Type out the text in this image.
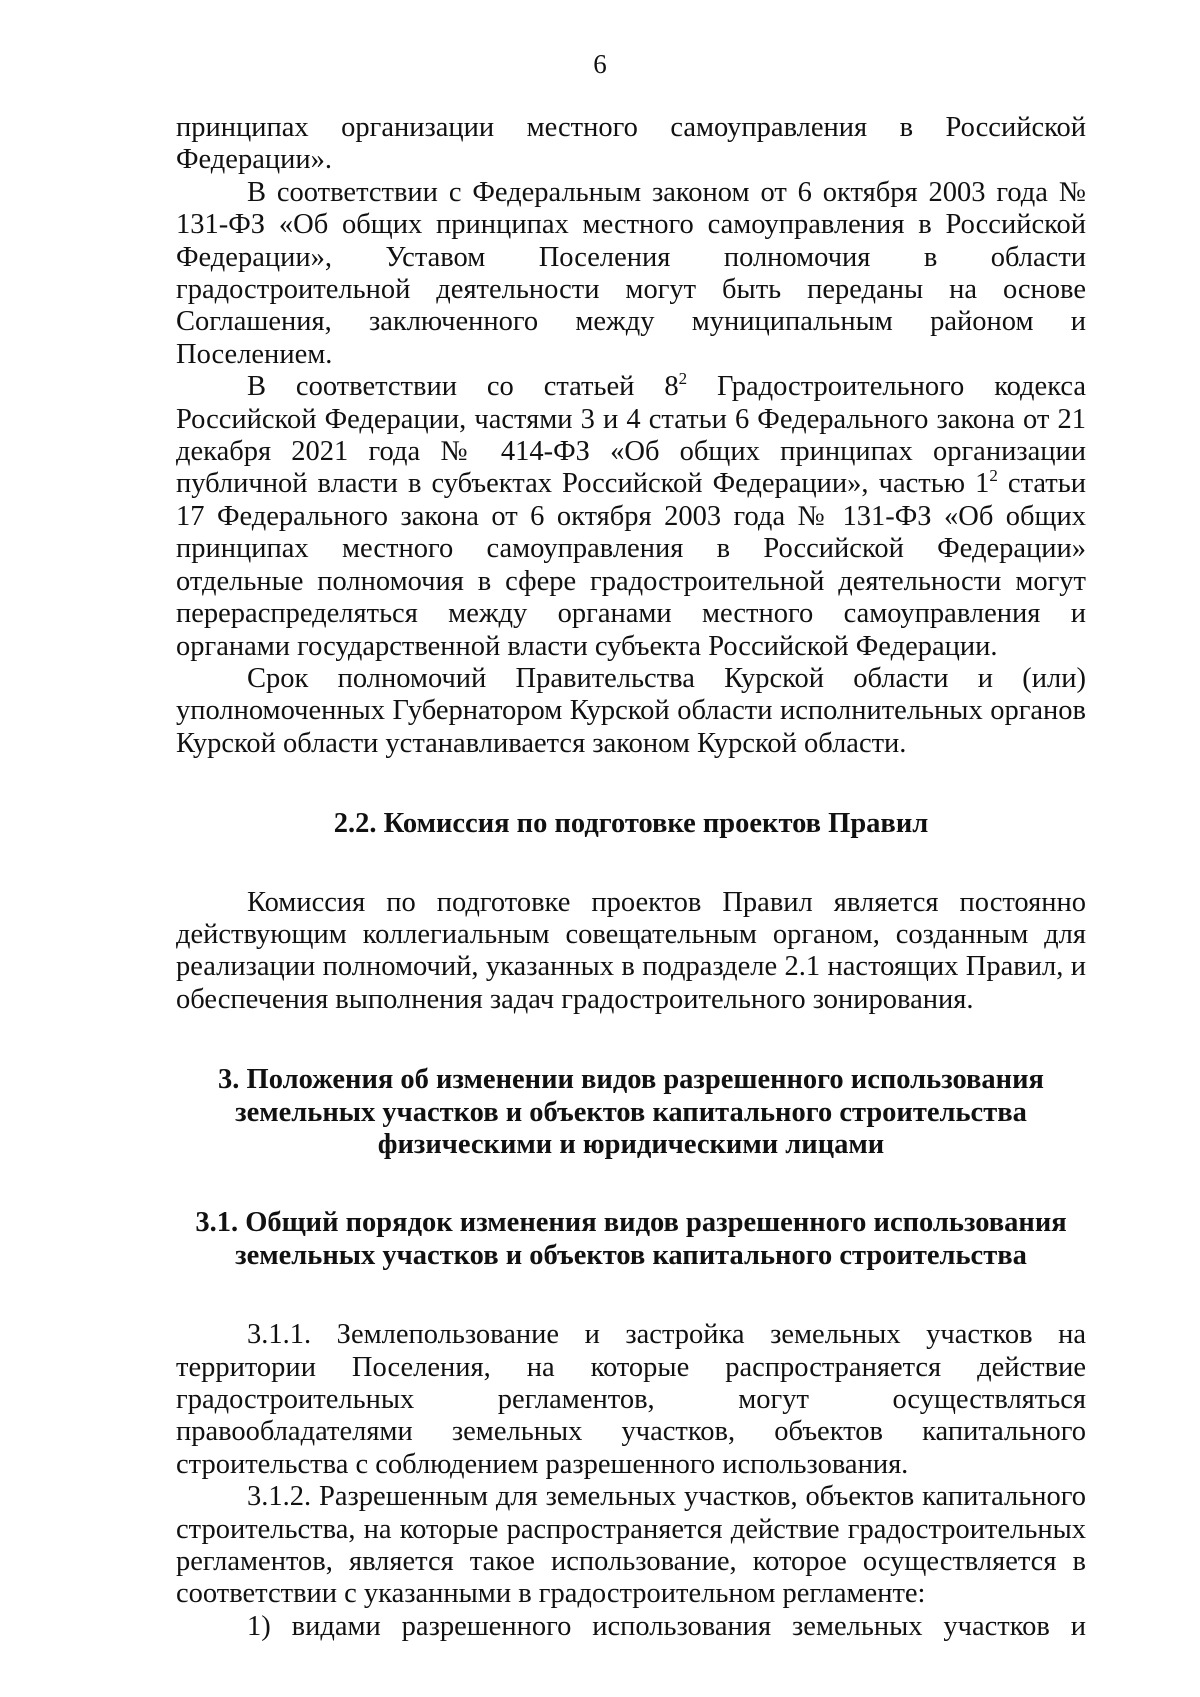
6

принципах организации местного самоуправления в Российской Федерации».

В соответствии с Федеральным законом от 6 октября 2003 года № 131-ФЗ «Об общих принципах местного самоуправления в Российской Федерации», Уставом Поселения полномочия в области градостроительной деятельности могут быть переданы на основе Соглашения, заключенного между муниципальным районом и Поселением.

В соответствии со статьей $8^2$ Градостроительного кодекса Российской Федерации, частями 3 и 4 статьи 6 Федерального закона от 21 декабря 2021 года № 414-ФЗ «Об общих принципах организации публичной власти в субъектах Российской Федерации», частью $1^2$ статьи 17 Федерального закона от 6 октября 2003 года № 131-ФЗ «Об общих принципах местного самоуправления в Российской Федерации» отдельные полномочия в сфере градостроительной деятельности могут перераспределяться между органами местного самоуправления и органами государственной власти субъекта Российской Федерации.

Срок полномочий Правительства Курской области и (или) уполномоченных Губернатором Курской области исполнительных органов Курской области устанавливается законом Курской области.

2.2. Комиссия по подготовке проектов Правил

Комиссия по подготовке проектов Правил является постоянно действующим коллегиальным совещательным органом, созданным для реализации полномочий, указанных в подразделе 2.1 настоящих Правил, и обеспечения выполнения задач градостроительного зонирования.

3. Положения об изменении видов разрешенного использования
земельных участков и объектов капитального строительства
физическими и юридическими лицами
3.1. Общий порядок изменения видов разрешенного использования
земельных участков и объектов капитального строительства

3.1.1. Землепользование и застройка земельных участков на территории Поселения, на которые распространяется действие градостроительных регламентов, могут осуществляться правообладателями земельных участков, объектов капитального строительства с соблюдением разрешенного использования.

3.1.2. Разрешенным для земельных участков, объектов капитального строительства, на которые распространяется действие градостроительных регламентов, является такое использование, которое осуществляется в соответствии с указанными в градостроительном регламенте:

1) видами разрешенного использования земельных участков и
